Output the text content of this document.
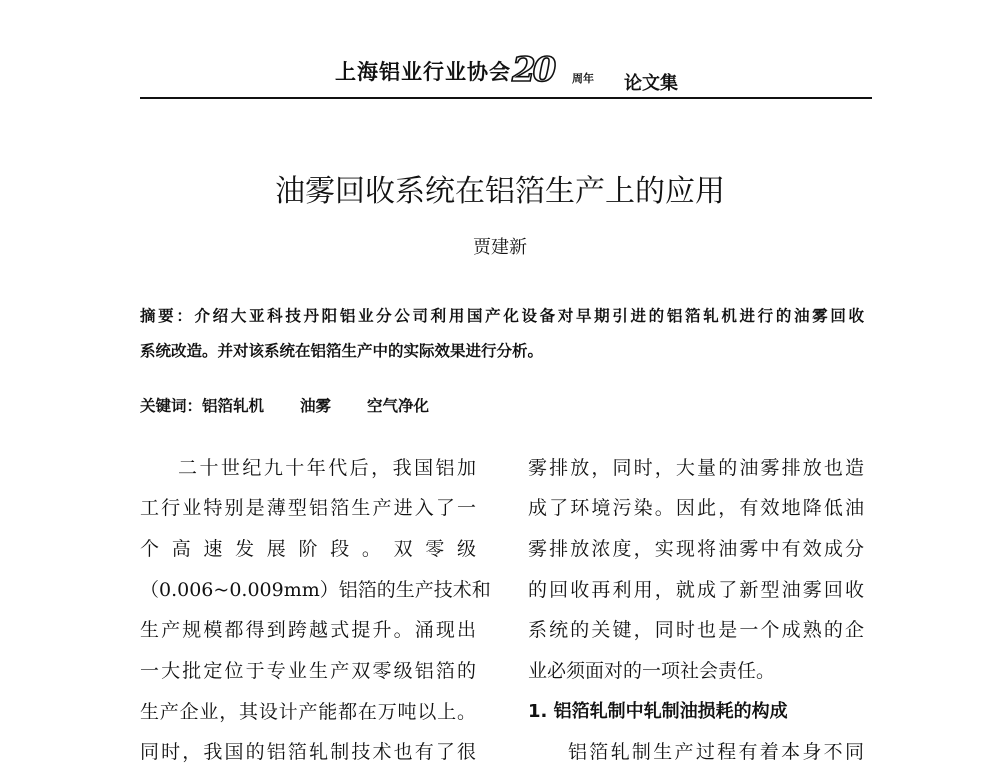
上海铝业行业协会 20 周年 论文集
油雾回收系统在铝箔生产上的应用
贾建新
摘要：介绍大亚科技丹阳铝业分公司利用国产化设备对早期引进的铝箔轧机进行的油雾回收
系统改造。并对该系统在铝箔生产中的实际效果进行分析。
关键词：铝箔轧机 油雾 空气净化
二十世纪九十年代后，我国铝加
工行业特别是薄型铝箔生产进入了一
个高速发展阶段。双零级
（0.006~0.009mm）铝箔的生产技术和
生产规模都得到跨越式提升。涌现出
一大批定位于专业生产双零级铝箔的
生产企业，其设计产能都在万吨以上。
同时，我国的铝箔轧制技术也有了很
雾排放，同时，大量的油雾排放也造
成了环境污染。因此，有效地降低油
雾排放浓度，实现将油雾中有效成分
的回收再利用，就成了新型油雾回收
系统的关键，同时也是一个成熟的企
业必须面对的一项社会责任。
1. 铝箔轧制中轧制油损耗的构成
铝箔轧制生产过程有着本身不同
